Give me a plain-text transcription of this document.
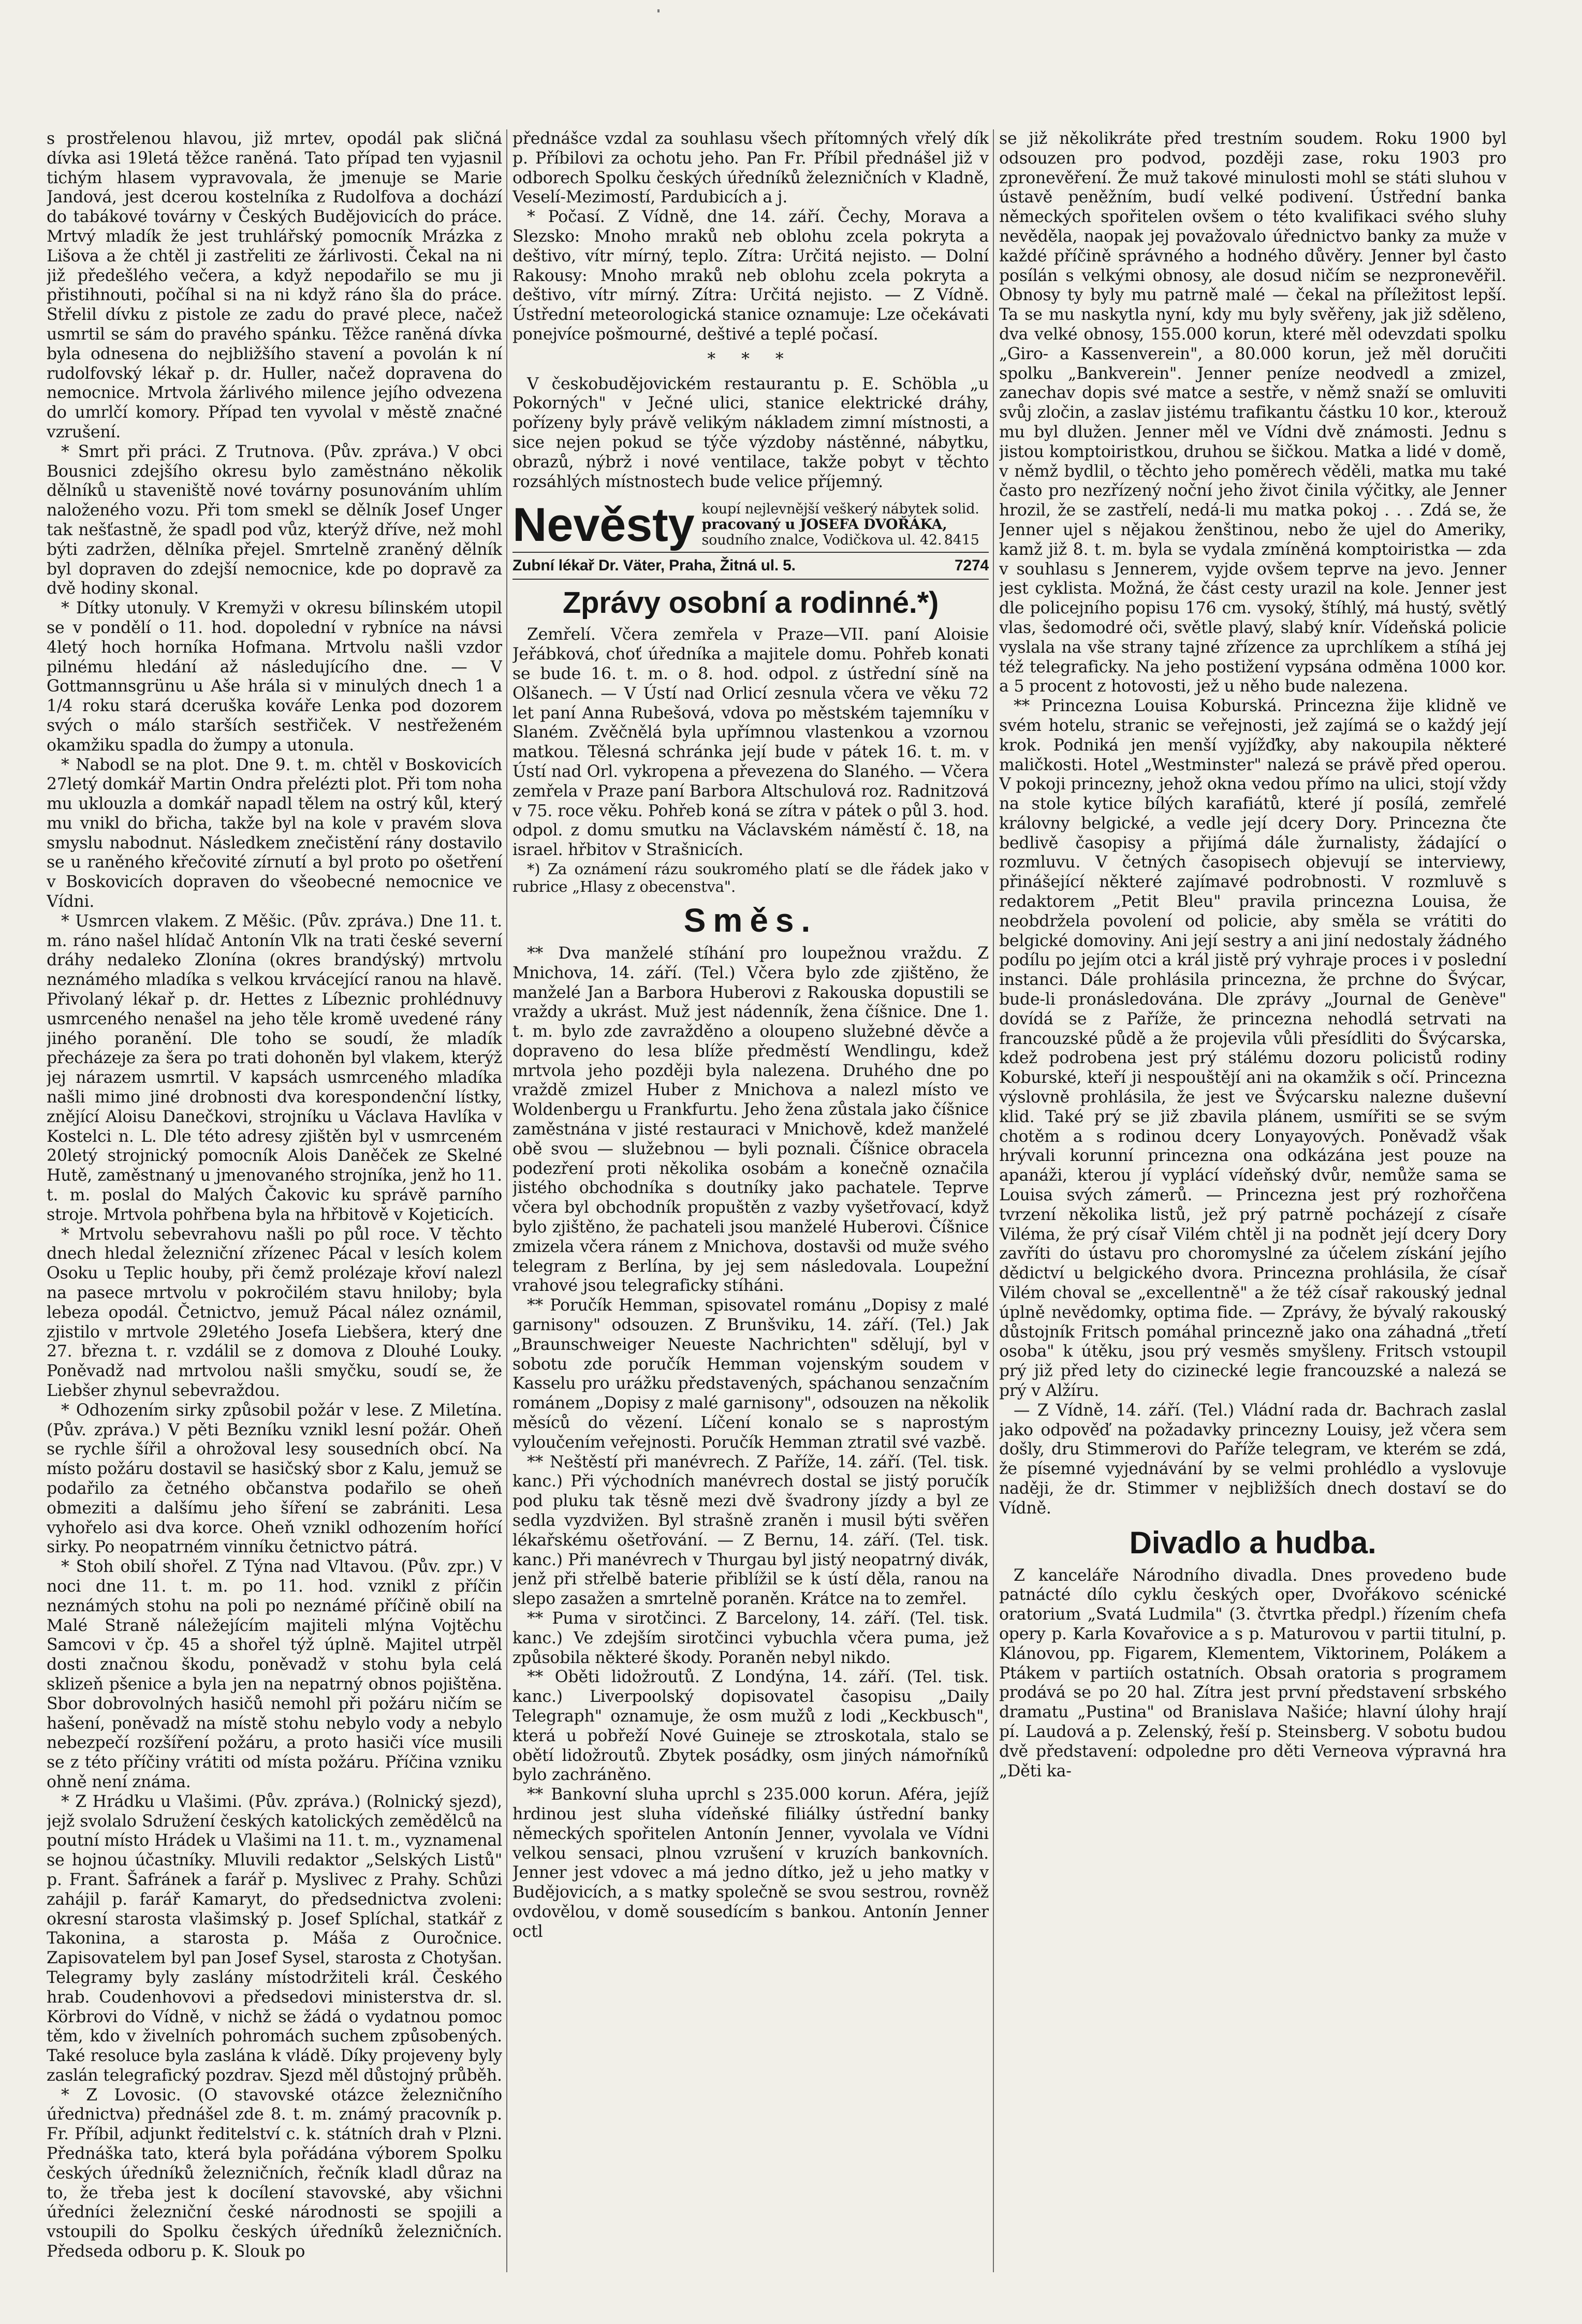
s prostřelenou hlavou, již mrtev, opodál pak sličná dívka asi 19letá těžce raněná. Tato případ ten vyjasnil tichým hlasem vypravovala, že jmenuje se Marie Jandová, jest dcerou kostelníka z Rudolfova a dochází do tabákové továrny v Českých Budějovicích do práce. Mrtvý mladík že jest truhlářský pomocník Mrázka z Lišova a že chtěl ji zastřeliti ze žárlivosti. Čekal na ni již předešlého večera, a když nepodařilo se mu ji přistihnouti, počíhal si na ni když ráno šla do práce. Střelil dívku z pistole ze zadu do pravé plece, načež usmrtil se sám do pravého spánku. Těžce raněná dívka byla odnesena do nejbližšího stavení a povolán k ní rudolfovský lékař p. dr. Huller, načež dopravena do nemocnice. Mrtvola žárlivého milence jejího odvezena do umrlčí komory. Případ ten vyvolal v městě značné vzrušení.

* Smrt při práci. Z Trutnova. (Pův. zpráva.) V obci Bousnici zdejšího okresu bylo zaměstnáno několik dělníků u staveniště nové továrny posunováním uhlím naloženého vozu. Při tom smekl se dělník Josef Unger tak nešťastně, že spadl pod vůz, kterýž dříve, než mohl býti zadržen, dělníka přejel. Smrtelně zraněný dělník byl dopraven do zdejší nemocnice, kde po dopravě za dvě hodiny skonal.

* Dítky utonuly. V Kremyži v okresu bílinském utopil se v pondělí o 11. hod. dopolední v rybníce na návsi 4letý hoch horníka Hofmana. Mrtvolu našli vzdor pilnému hledání až následujícího dne. — V Gottmannsgrünu u Aše hrála si v minulých dnech 1 a 1/4 roku stará dceruška kováře Lenka pod dozorem svých o málo starších sestřiček. V nestřeženém okamžiku spadla do žumpy a utonula.

* Nabodl se na plot. Dne 9. t. m. chtěl v Boskovicích 27letý domkář Martin Ondra přelézti plot. Při tom noha mu uklouzla a domkář napadl tělem na ostrý kůl, který mu vnikl do břicha, takže byl na kole v pravém slova smyslu nabodnut. Následkem znečistění rány dostavilo se u raněného křečovité zírnutí a byl proto po ošetření v Boskovicích dopraven do všeobecné nemocnice ve Vídni.

* Usmrcen vlakem. Z Měšic. (Pův. zpráva.) Dne 11. t. m. ráno našel hlídač Antonín Vlk na trati české severní dráhy nedaleko Zlonína (okres brandýský) mrtvolu neznámého mladíka s velkou krvácející ranou na hlavě. Přivolaný lékař p. dr. Hettes z Líbeznic prohlédnuvy usmrceného nenašel na jeho těle kromě uvedené rány jiného poranění. Dle toho se soudí, že mladík přecházeje za šera po trati dohoněn byl vlakem, kterýž jej nárazem usmrtil. V kapsách usmrceného mladíka našli mimo jiné drobnosti dva korespondenční lístky, znějící Aloisu Danečkovi, strojníku u Václava Havlíka v Kostelci n. L. Dle této adresy zjištěn byl v usmrceném 20letý strojnický pomocník Alois Daněček ze Skelné Hutě, zaměstnaný u jmenovaného strojníka, jenž ho 11. t. m. poslal do Malých Čakovic ku správě parního stroje. Mrtvola pohřbena byla na hřbitově v Kojeticích.

* Mrtvolu sebevrahovu našli po půl roce. V těchto dnech hledal železniční zřízenec Pácal v lesích kolem Osoku u Teplic houby, při čemž prolézaje křoví nalezl na pasece mrtvolu v pokročilém stavu hniloby; byla lebeza opodál. Četnictvo, jemuž Pácal nález oznámil, zjistilo v mrtvole 29letého Josefa Liebšera, který dne 27. března t. r. vzdálil se z domova z Dlouhé Louky. Poněvadž nad mrtvolou našli smyčku, soudí se, že Liebšer zhynul sebevraždou.

* Odhozením sirky způsobil požár v lese. Z Miletína. (Pův. zpráva.) V pěti Bezníku vznikl lesní požár. Oheň se rychle šířil a ohrožoval lesy sousedních obcí. Na místo požáru dostavil se hasičský sbor z Kalu, jemuž se podařilo za četného občanstva podařilo se oheň obmeziti a dalšímu jeho šíření se zabrániti. Lesa vyhořelo asi dva korce. Oheň vznikl odhozením hořící sirky. Po neopatrném vinníku četnictvo pátrá.

* Stoh obilí shořel. Z Týna nad Vltavou. (Pův. zpr.) V noci dne 11. t. m. po 11. hod. vznikl z příčin neznámých stohu na poli po neznámé příčině obilí na Malé Straně náležejícím majiteli mlýna Vojtěchu Samcovi v čp. 45 a shořel týž úplně. Majitel utrpěl dosti značnou škodu, poněvadž v stohu byla celá sklizeň pšenice a byla jen na nepatrný obnos pojištěna. Sbor dobrovolných hasičů nemohl při požáru ničím se hašení, poněvadž na místě stohu nebylo vody a nebylo nebezpečí rozšíření požáru, a proto hasiči více musili se z této příčiny vrátiti od místa požáru. Příčina vzniku ohně není známa.

* Z Hrádku u Vlašimi. (Pův. zpráva.) (Rolnický sjezd), jejž svolalo Sdružení českých katolických zemědělců na poutní místo Hrádek u Vlašimi na 11. t. m., vyznamenal se hojnou účastníky. Mluvili redaktor „Selských Listů" p. Frant. Šafránek a farář p. Myslivec z Prahy. Schůzi zahájil p. farář Kamaryt, do předsednictva zvoleni: okresní starosta vlašimský p. Josef Splíchal, statkář z Takonina, a starosta p. Máša z Ouročnice. Zapisovatelem byl pan Josef Sysel, starosta z Chotyšan. Telegramy byly zaslány místodržiteli král. Českého hrab. Coudenhovovi a předsedovi ministerstva dr. sl. Körbrovi do Vídně, v nichž se žádá o vydatnou pomoc těm, kdo v živelních pohromách suchem způsobených. Také resoluce byla zaslána k vládě. Díky projeveny byly zaslán telegrafický pozdrav. Sjezd měl důstojný průběh.

* Z Lovosic. (O stavovské otázce železničního úřednictva) přednášel zde 8. t. m. známý pracovník p. Fr. Příbil, adjunkt ředitelství c. k. státních drah v Plzni. Přednáška tato, která byla pořádána výborem Spolku českých úředníků železničních, řečník kladl důraz na to, že třeba jest k docílení stavovské, aby všichni úředníci železniční české národnosti se spojili a vstoupili do Spolku českých úředníků železničních. Předseda odboru p. K. Slouk po

přednášce vzdal za souhlasu všech přítomných vřelý dík p. Příbilovi za ochotu jeho. Pan Fr. Příbil přednášel již v odborech Spolku českých úředníků železničních v Kladně, Veselí-Mezimostí, Pardubicích a j.

* Počasí. Z Vídně, dne 14. září. Čechy, Morava a Slezsko: Mnoho mraků neb oblohu zcela pokryta a deštivo, vítr mírný, teplo. Zítra: Určitá nejisto. — Dolní Rakousy: Mnoho mraků neb oblohu zcela pokryta a deštivo, vítr mírný. Zítra: Určitá nejisto. — Z Vídně. Ústřední meteorologická stanice oznamuje: Lze očekávati ponejvíce pošmourné, deštivé a teplé počasí.

* * *

V českobudějovickém restaurantu p. E. Schöbla „u Pokorných" v Ječné ulici, stanice elektrické dráhy, pořízeny byly právě velikým nákladem zimní místnosti, a sice nejen pokud se týče výzdoby nástěnné, nábytku, obrazů, nýbrž i nové ventilace, takže pobyt v těchto rozsáhlých místnostech bude velice příjemný.

Nevěsty koupí nejlevnější veškerý nábytek solid.
pracovaný u JOSEFA DVOŘÁKA,
soudního znalce, Vodičkova ul. 42. 8415
Zubní lékař Dr. Väter, Praha, Žitná ul. 5.	7274
Zprávy osobní a rodinné.*)

Zemřelí. Včera zemřela v Praze—VII. paní Aloisie Jeřábková, choť úředníka a majitele domu. Pohřeb konati se bude 16. t. m. o 8. hod. odpol. z ústřední síně na Olšanech. — V Ústí nad Orlicí zesnula včera ve věku 72 let paní Anna Rubešová, vdova po městském tajemníku v Slaném. Zvěčnělá byla upřímnou vlastenkou a vzornou matkou. Tělesná schránka její bude v pátek 16. t. m. v Ústí nad Orl. vykropena a převezena do Slaného. — Včera zemřela v Praze paní Barbora Altschulová roz. Radnitzová v 75. roce věku. Pohřeb koná se zítra v pátek o půl 3. hod. odpol. z domu smutku na Václavském náměstí č. 18, na israel. hřbitov v Strašnicích.

*) Za oznámení rázu soukromého platí se dle řádek jako v rubrice „Hlasy z obecenstva".

Směs.

** Dva manželé stíhání pro loupežnou vraždu. Z Mnichova, 14. září. (Tel.) Včera bylo zde zjištěno, že manželé Jan a Barbora Huberovi z Rakouska dopustili se vraždy a ukrást. Muž jest nádenník, žena číšnice. Dne 1. t. m. bylo zde zavražděno a oloupeno služebné děvče a dopraveno do lesa blíže předměstí Wendlingu, kdež mrtvola jeho později byla nalezena. Druhého dne po vraždě zmizel Huber z Mnichova a nalezl místo ve Woldenbergu u Frankfurtu. Jeho žena zůstala jako číšnice zaměstnána v jisté restauraci v Mnichově, kdež manželé obě svou — služebnou — byli poznali. Číšnice obracela podezření proti několika osobám a konečně označila jistého obchodníka s doutníky jako pachatele. Teprve včera byl obchodník propuštěn z vazby vyšetřovací, když bylo zjištěno, že pachateli jsou manželé Huberovi. Číšnice zmizela včera ránem z Mnichova, dostavši od muže svého telegram z Berlína, by jej sem následovala. Loupežní vrahové jsou telegraficky stíháni.

** Poručík Hemman, spisovatel románu „Dopisy z malé garnisony" odsouzen. Z Brunšviku, 14. září. (Tel.) Jak „Braunschweiger Neueste Nachrichten" sdělují, byl v sobotu zde poručík Hemman vojenským soudem v Kasselu pro urážku představených, spáchanou senzačním románem „Dopisy z malé garnisony", odsouzen na několik měsíců do vězení. Líčení konalo se s naprostým vyloučením veřejnosti. Poručík Hemman ztratil své vazbě.

** Neštěstí při manévrech. Z Paříže, 14. září. (Tel. tisk. kanc.) Při východních manévrech dostal se jistý poručík pod pluku tak těsně mezi dvě švadrony jízdy a byl ze sedla vyzdvižen. Byl strašně zraněn i musil býti svěřen lékařskému ošetřování. — Z Bernu, 14. září. (Tel. tisk. kanc.) Při manévrech v Thurgau byl jistý neopatrný divák, jenž při střelbě baterie přiblížil se k ústí děla, ranou na slepo zasažen a smrtelně poraněn. Krátce na to zemřel.

** Puma v sirotčinci. Z Barcelony, 14. září. (Tel. tisk. kanc.) Ve zdejším sirotčinci vybuchla včera puma, jež způsobila některé škody. Poraněn nebyl nikdo.

** Oběti lidožroutů. Z Londýna, 14. září. (Tel. tisk. kanc.) Liverpoolský dopisovatel časopisu „Daily Telegraph" oznamuje, že osm mužů z lodi „Keckbusch", která u pobřeží Nové Guineje se ztroskotala, stalo se obětí lidožroutů. Zbytek posádky, osm jiných námořníků bylo zachráněno.

** Bankovní sluha uprchl s 235.000 korun. Aféra, jejíž hrdinou jest sluha vídeňské filiálky ústřední banky německých spořitelen Antonín Jenner, vyvolala ve Vídni velkou sensaci, plnou vzrušení v kruzích bankovních. Jenner jest vdovec a má jedno dítko, jež u jeho matky v Budějovicích, a s matky společně se svou sestrou, rovněž ovdovělou, v domě sousedícím s bankou. Antonín Jenner octl

se již několikráte před trestním soudem. Roku 1900 byl odsouzen pro podvod, později zase, roku 1903 pro zpronevěření. Že muž takové minulosti mohl se státi sluhou v ústavě peněžním, budí velké podivení. Ústřední banka německých spořitelen ovšem o této kvalifikaci svého sluhy nevěděla, naopak jej považovalo úřednictvo banky za muže v každé příčině správného a hodného důvěry. Jenner byl často posílán s velkými obnosy, ale dosud ničím se nezpronevěřil. Obnosy ty byly mu patrně malé — čekal na příležitost lepší. Ta se mu naskytla nyní, kdy mu byly svěřeny, jak již sděleno, dva velké obnosy, 155.000 korun, které měl odevzdati spolku „Giro- a Kassenverein", a 80.000 korun, jež měl doručiti spolku „Bankverein". Jenner peníze neodvedl a zmizel, zanechav dopis své matce a sestře, v němž snaží se omluviti svůj zločin, a zaslav jistému trafikantu částku 10 kor., kterouž mu byl dlužen. Jenner měl ve Vídni dvě známosti. Jednu s jistou komptoiristkou, druhou se šičkou. Matka a lidé v domě, v němž bydlil, o těchto jeho poměrech věděli, matka mu také často pro nezřízený noční jeho život činila výčitky, ale Jenner hrozil, že se zastřelí, nedá-li mu matka pokoj . . . Zdá se, že Jenner ujel s nějakou ženštinou, nebo že ujel do Ameriky, kamž již 8. t. m. byla se vydala zmíněná komptoiristka — zda v souhlasu s Jennerem, vyjde ovšem teprve na jevo. Jenner jest cyklista. Možná, že část cesty urazil na kole. Jenner jest dle policejního popisu 176 cm. vysoký, štíhlý, má hustý, světlý vlas, šedomodré oči, světle plavý, slabý knír. Vídeňská policie vyslala na vše strany tajné zřízence za uprchlíkem a stíhá jej též telegraficky. Na jeho postižení vypsána odměna 1000 kor. a 5 procent z hotovosti, jež u něho bude nalezena.

** Princezna Louisa Koburská. Princezna žije klidně ve svém hotelu, stranic se veřejnosti, jež zajímá se o každý její krok. Podniká jen menší vyjížďky, aby nakoupila některé maličkosti. Hotel „Westminster" nalezá se právě před operou. V pokoji princezny, jehož okna vedou přímo na ulici, stojí vždy na stole kytice bílých karafiátů, které jí posílá, zemřelé královny belgické, a vedle její dcery Dory. Princezna čte bedlivě časopisy a přijímá dále žurnalisty, žádající o rozmluvu. V četných časopisech objevují se interviewy, přinášející některé zajímavé podrobnosti. V rozmluvě s redaktorem „Petit Bleu" pravila princezna Louisa, že neobdržela povolení od policie, aby směla se vrátiti do belgické domoviny. Ani její sestry a ani jiní nedostaly žádného podílu po jejím otci a král jistě prý vyhraje proces i v poslední instanci. Dále prohlásila princezna, že prchne do Švýcar, bude-li pronásledována. Dle zprávy „Journal de Genève" dovídá se z Paříže, že princezna nehodlá setrvati na francouzské půdě a že projevila vůli přesídliti do Švýcarska, kdež podrobena jest prý stálému dozoru policistů rodiny Koburské, kteří ji nespouštějí ani na okamžik s očí. Princezna výslovně prohlásila, že jest ve Švýcarsku nalezne duševní klid. Také prý se již zbavila plánem, usmířiti se se svým chotěm a s rodinou dcery Lonyayových. Poněvadž však hrývali korunní princezna ona odkázána jest pouze na apanáži, kterou jí vyplácí vídeňský dvůr, nemůže sama se Louisa svých zámerů. — Princezna jest prý rozhořčena tvrzení několika listů, jež prý patrně pocházejí z císaře Viléma, že prý císař Vilém chtěl ji na podnět její dcery Dory zavříti do ústavu pro choromyslné za účelem získání jejího dědictví u belgického dvora. Princezna prohlásila, že císař Vilém choval se „excellentně" a že též císař rakouský jednal úplně nevědomky, optima fide. — Zprávy, že bývalý rakouský důstojník Fritsch pomáhal princezně jako ona záhadná „třetí osoba" k útěku, jsou prý vesměs smyšleny. Fritsch vstoupil prý již před lety do cizinecké legie francouzské a nalezá se prý v Alžíru.

— Z Vídně, 14. září. (Tel.) Vládní rada dr. Bachrach zaslal jako odpověď na požadavky princezny Louisy, jež včera sem došly, dru Stimmerovi do Paříže telegram, ve kterém se zdá, že písemné vyjednávání by se velmi prohlédlo a vyslovuje naději, že dr. Stimmer v nejbližších dnech dostaví se do Vídně.

Divadlo a hudba.

Z kanceláře Národního divadla. Dnes provedeno bude patnácté dílo cyklu českých oper, Dvořákovo scénické oratorium „Svatá Ludmila" (3. čtvrtka předpl.) řízením chefa opery p. Karla Kovařovice a s p. Maturovou v partii titulní, p. Klánovou, pp. Figarem, Klementem, Viktorinem, Polákem a Ptákem v partiích ostatních. Obsah oratoria s programem prodává se po 20 hal. Zítra jest první představení srbského dramatu „Pustina" od Branislava Našiće; hlavní úlohy hrají pí. Laudová a p. Zelenský, řeší p. Steinsberg. V sobotu budou dvě představení: odpoledne pro děti Verneova výpravná hra „Děti ka-
